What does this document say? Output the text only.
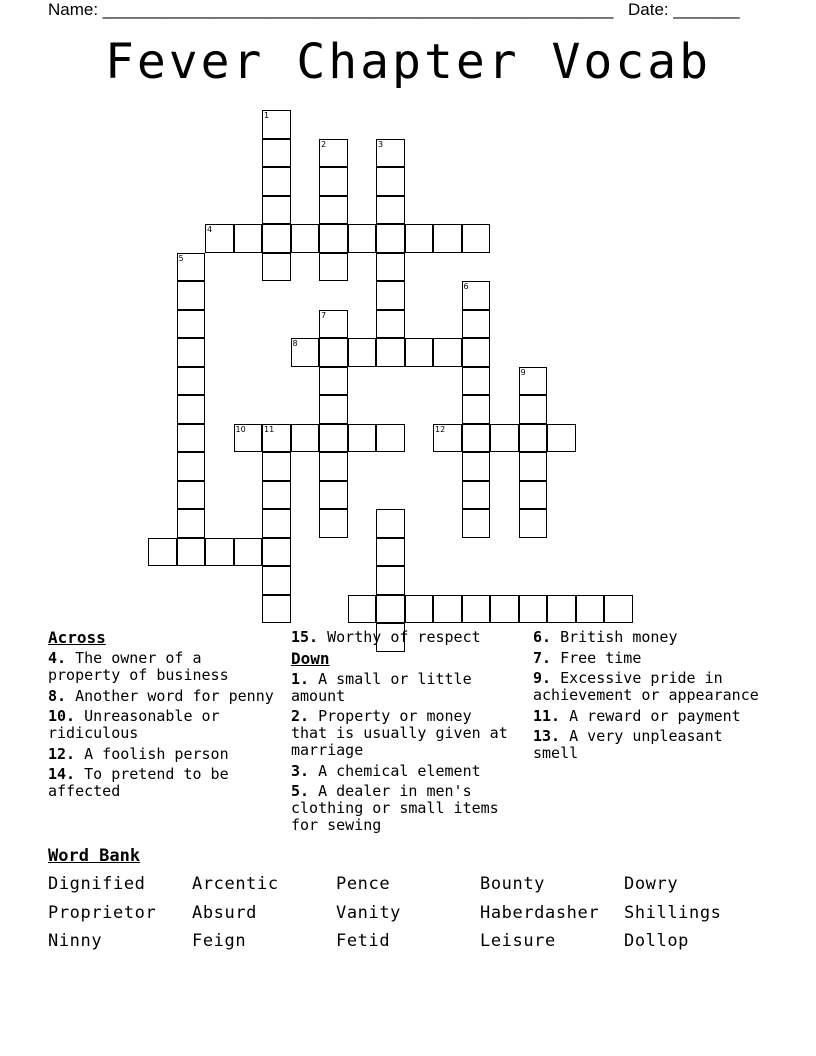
Name: ______________________________________________________ Date: _______
Fever Chapter Vocab
1
2	3
4
5
6
7
8
9
10 11	12
Across
4. The owner of a property of business
8. Another word for penny
10. Unreasonable or ridiculous
12. A foolish person
14. To pretend to be affected
15. Worthy of respect
Down
1. A small or little amount
2. Property or money that is usually given at marriage
3. A chemical element
5. A dealer in men's clothing or small items for sewing
6. British money
7. Free time
9. Excessive pride in achievement or appearance
11. A reward or payment
13. A very unpleasant smell
Word Bank
Dignified	Arcentic	Pence	Bounty	Dowry
Proprietor Absurd	Vanity	Haberdasher Shillings
Ninny	Feign	Fetid	Leisure	Dollop
